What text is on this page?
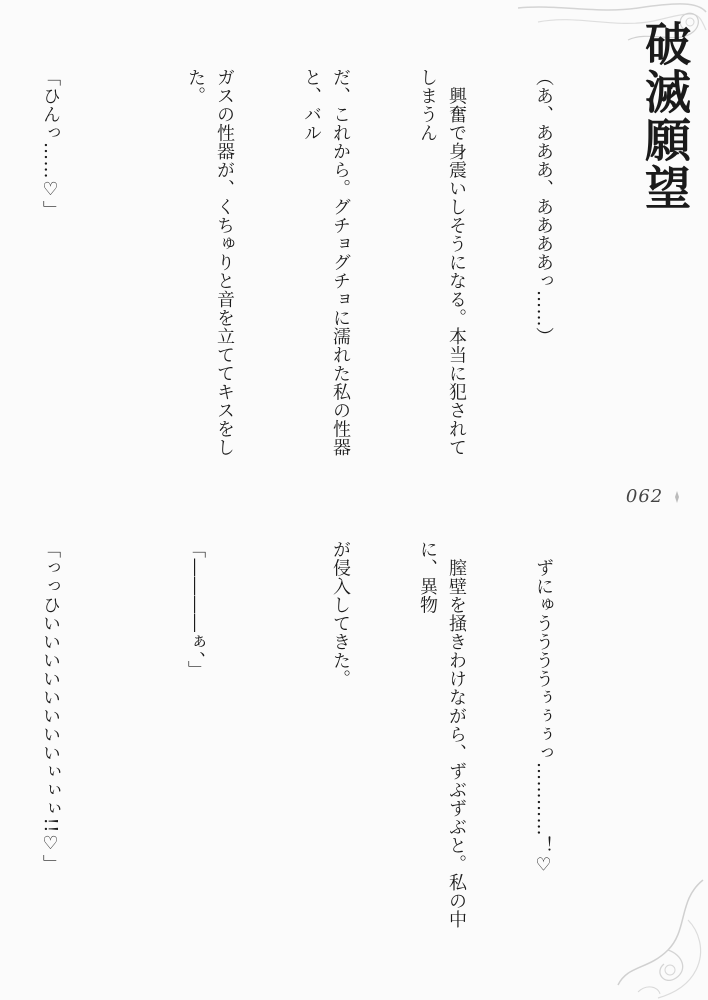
破滅願望
062

（あ、あああ、ああああっ……）

　興奮で身震いしそうになる。本当に犯されてしまうん

だ、これから。グチョグチョに濡れた私の性器と、バル

ガスの性器が、くちゅりと音を立ててキスをした。

「ひんっ……♡」

　ずにゅううううぅぅぅっ…………！♡

　膣壁を掻きわけながら、ずぶずぶと。私の中に、異物

が侵入してきた。

「――――ぁ、」

「っっひいいいいいいいいぃぃぃ!!♡」
